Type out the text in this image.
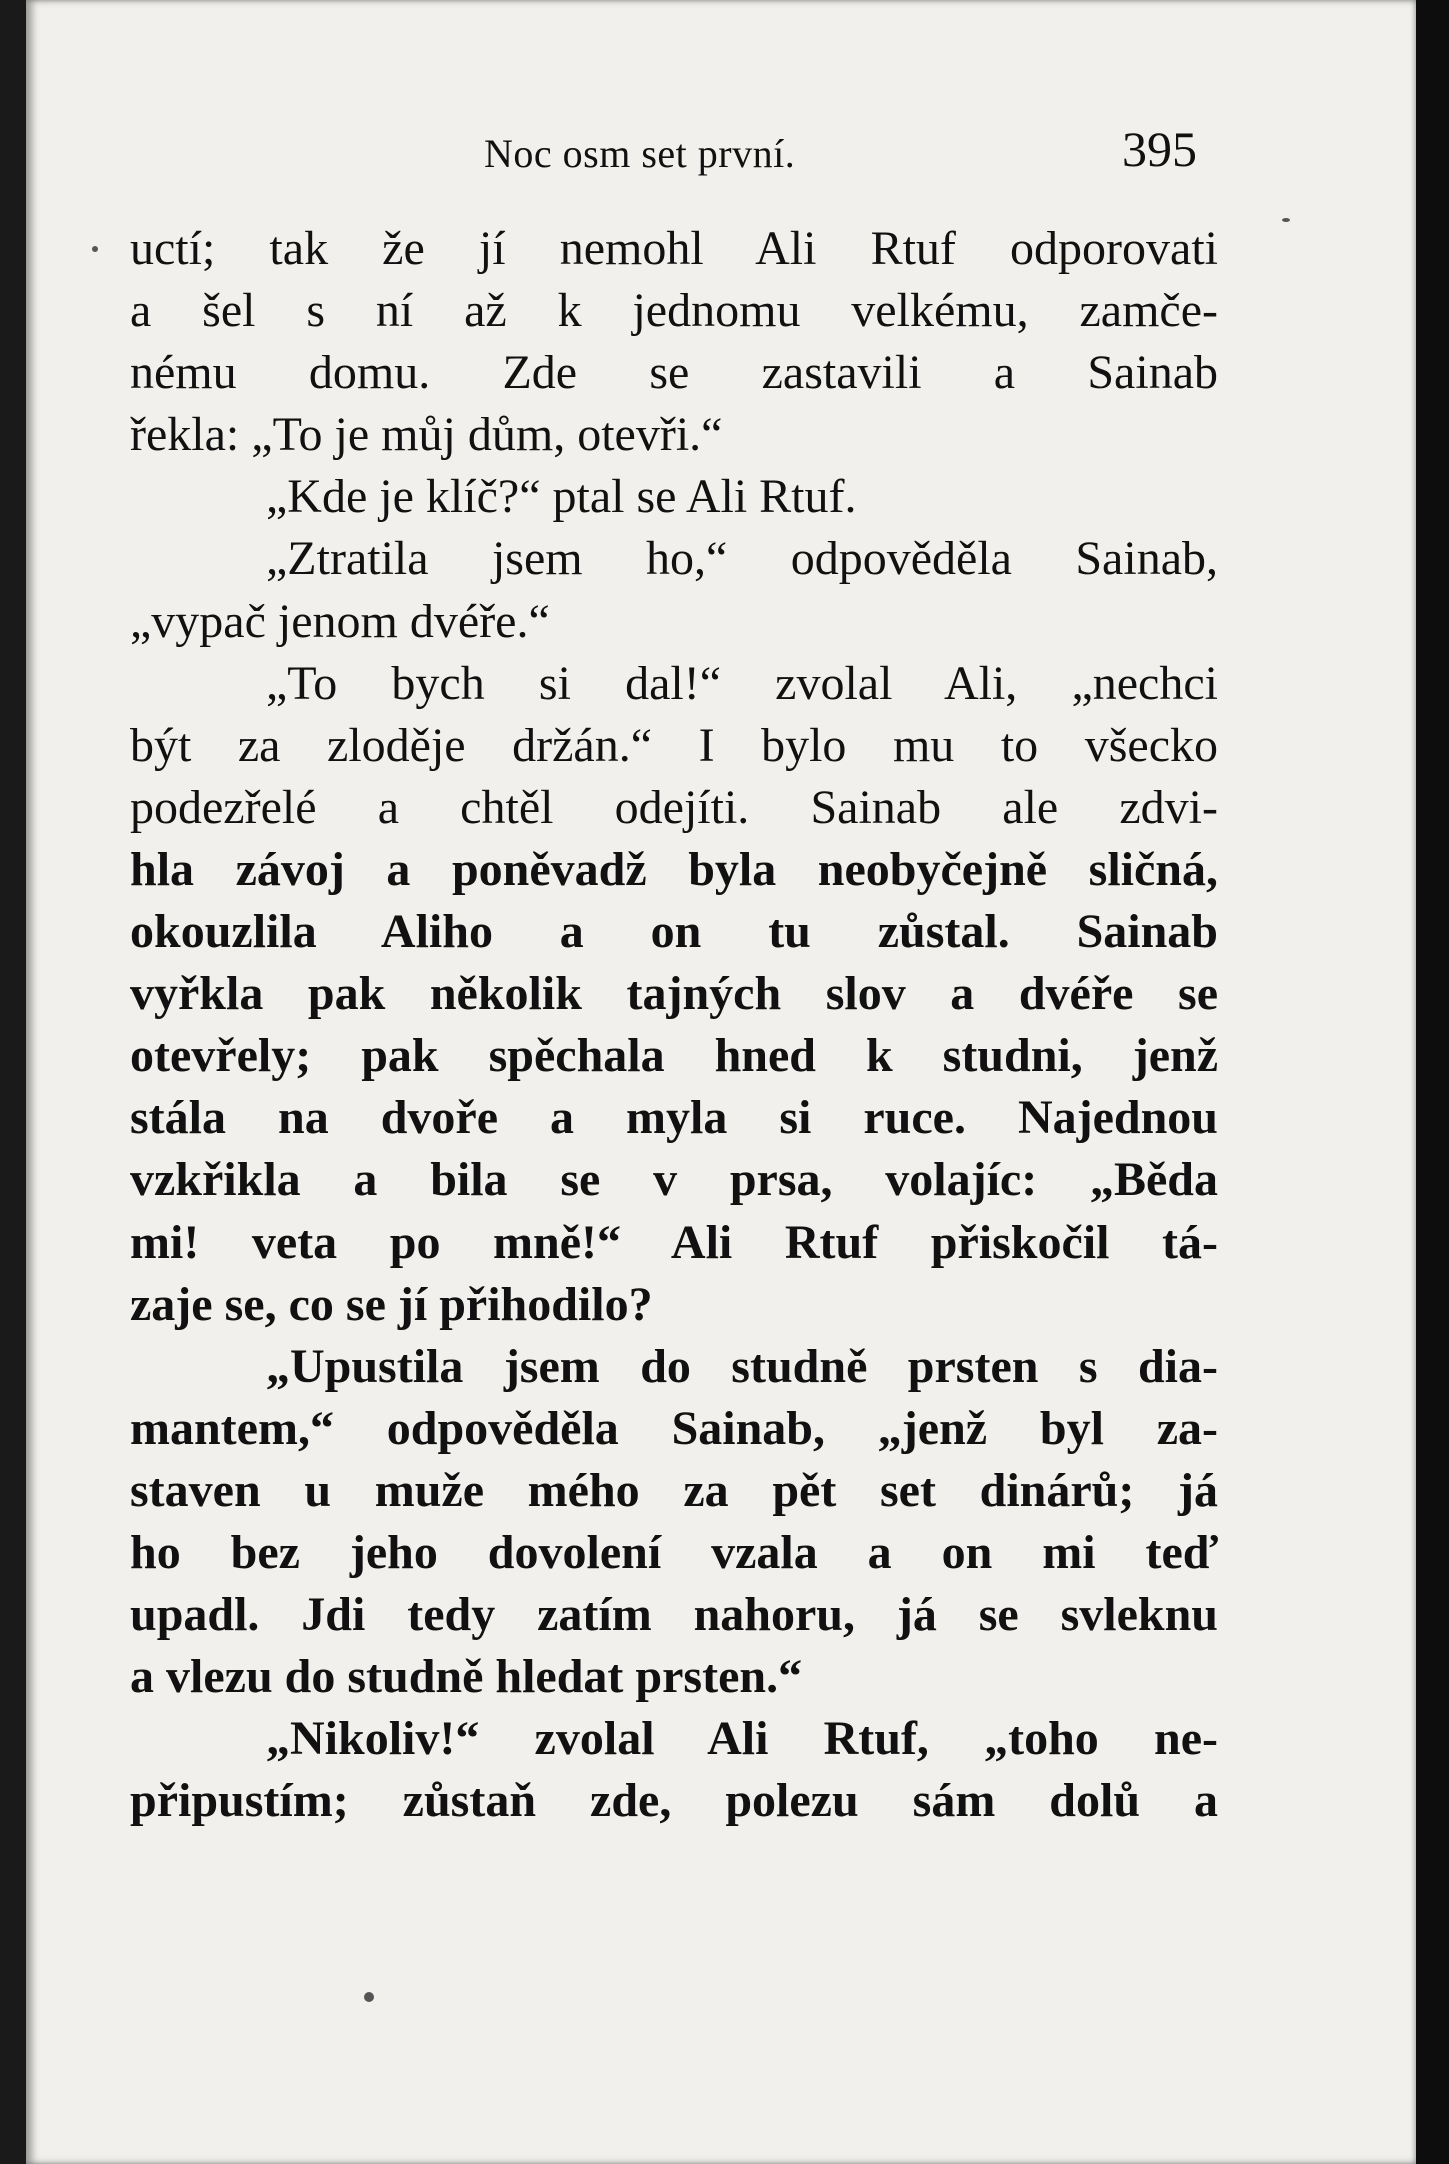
Noc osm set první.	395
uctí; tak že jí nemohl Ali Rtuf odporovati
a šel s ní až k jednomu velkému, zamče-
nému domu. Zde se zastavili a Sainab
řekla: „To je můj dům, otevři.“
„Kde je klíč?“ ptal se Ali Rtuf.
„Ztratila jsem ho,“ odpověděla Sainab,
„vypač jenom dvéře.“
„To bych si dal!“ zvolal Ali, „nechci
být za zloděje držán.“ I bylo mu to všecko
podezřelé a chtěl odejíti. Sainab ale zdvi-
hla závoj a poněvadž byla neobyčejně sličná,
okouzlila Aliho a on tu zůstal. Sainab
vyřkla pak několik tajných slov a dvéře se
otevřely; pak spěchala hned k studni, jenž
stála na dvoře a myla si ruce. Najednou
vzkřikla a bila se v prsa, volajíc: „Běda
mi! veta po mně!“ Ali Rtuf přiskočil tá-
zaje se, co se jí přihodilo?
„Upustila jsem do studně prsten s dia-
mantem,“ odpověděla Sainab, „jenž byl za-
staven u muže mého za pět set dinárů; já
ho bez jeho dovolení vzala a on mi teď
upadl. Jdi tedy zatím nahoru, já se svleknu
a vlezu do studně hledat prsten.“
„Nikoliv!“ zvolal Ali Rtuf, „toho ne-
připustím; zůstaň zde, polezu sám dolů a
